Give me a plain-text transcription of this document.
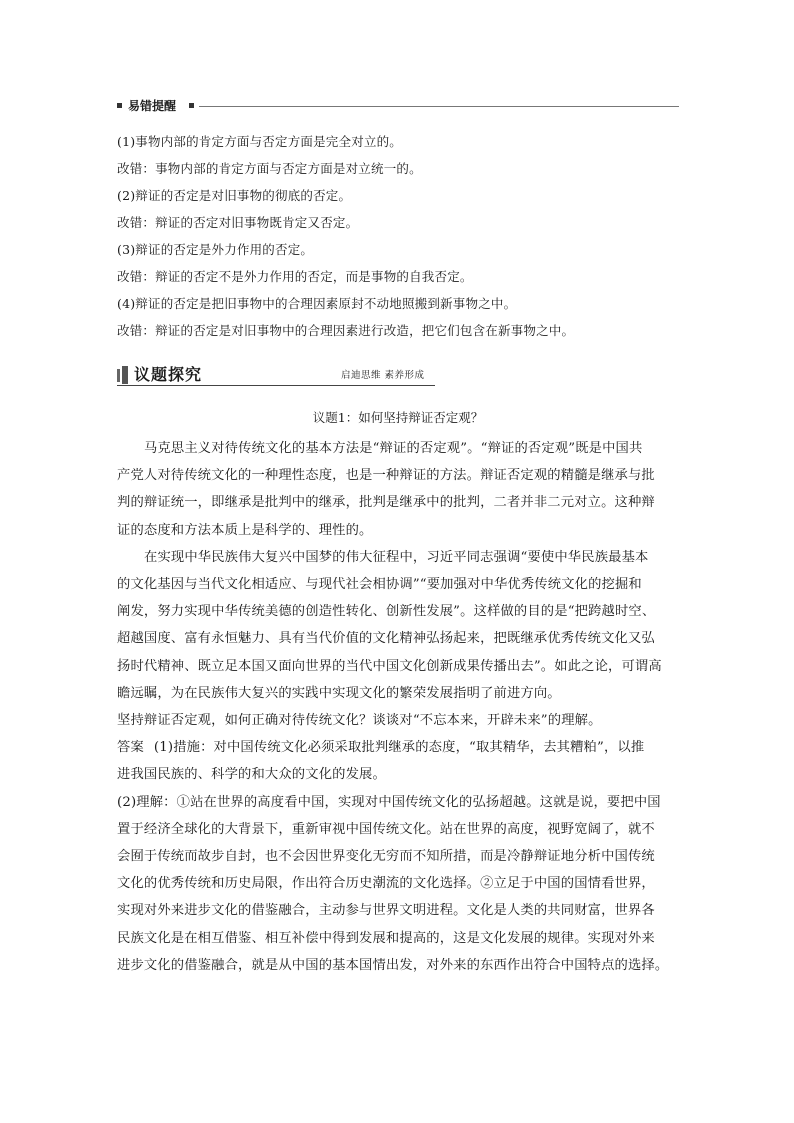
易错提醒
(1)事物内部的肯定方面与否定方面是完全对立的。
改错：事物内部的肯定方面与否定方面是对立统一的。
(2)辩证的否定是对旧事物的彻底的否定。
改错：辩证的否定对旧事物既肯定又否定。
(3)辩证的否定是外力作用的否定。
改错：辩证的否定不是外力作用的否定，而是事物的自我否定。
(4)辩证的否定是把旧事物中的合理因素原封不动地照搬到新事物之中。
改错：辩证的否定是对旧事物中的合理因素进行改造，把它们包含在新事物之中。
议题探究	启迪思维 素养形成
议题1：如何坚持辩证否定观？
马克思主义对待传统文化的基本方法是“辩证的否定观”。“辩证的否定观”既是中国共
产党人对待传统文化的一种理性态度，也是一种辩证的方法。辩证否定观的精髓是继承与批
判的辩证统一，即继承是批判中的继承，批判是继承中的批判，二者并非二元对立。这种辩
证的态度和方法本质上是科学的、理性的。
在实现中华民族伟大复兴中国梦的伟大征程中，习近平同志强调“要使中华民族最基本
的文化基因与当代文化相适应、与现代社会相协调”“要加强对中华优秀传统文化的挖掘和
阐发，努力实现中华传统美德的创造性转化、创新性发展”。这样做的目的是“把跨越时空、
超越国度、富有永恒魅力、具有当代价值的文化精神弘扬起来，把既继承优秀传统文化又弘
扬时代精神、既立足本国又面向世界的当代中国文化创新成果传播出去”。如此之论，可谓高
瞻远瞩，为在民族伟大复兴的实践中实现文化的繁荣发展指明了前进方向。
坚持辩证否定观，如何正确对待传统文化？谈谈对“不忘本来，开辟未来”的理解。
答案 (1)措施：对中国传统文化必须采取批判继承的态度，“取其精华，去其糟粕”，以推
进我国民族的、科学的和大众的文化的发展。
(2)理解：①站在世界的高度看中国，实现对中国传统文化的弘扬超越。这就是说，要把中国
置于经济全球化的大背景下，重新审视中国传统文化。站在世界的高度，视野宽阔了，就不
会囿于传统而故步自封，也不会因世界变化无穷而不知所措，而是冷静辩证地分析中国传统
文化的优秀传统和历史局限，作出符合历史潮流的文化选择。②立足于中国的国情看世界，
实现对外来进步文化的借鉴融合，主动参与世界文明进程。文化是人类的共同财富，世界各
民族文化是在相互借鉴、相互补偿中得到发展和提高的，这是文化发展的规律。实现对外来
进步文化的借鉴融合，就是从中国的基本国情出发，对外来的东西作出符合中国特点的选择。
